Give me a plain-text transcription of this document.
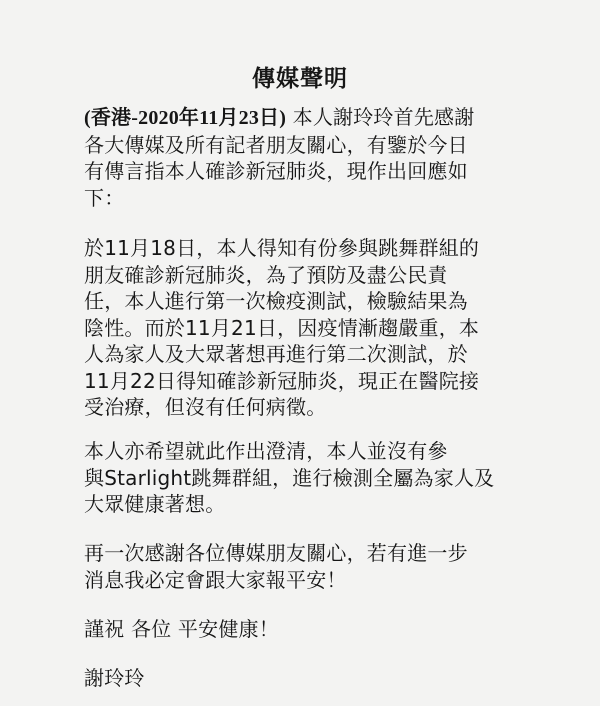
傳媒聲明
(香港-2020年11月23日) 本人謝玲玲首先感謝
各大傳媒及所有記者朋友關心，有鑒於今日
有傳言指本人確診新冠肺炎，現作出回應如
下：
於11月18日，本人得知有份參與跳舞群組的
朋友確診新冠肺炎，為了預防及盡公民責
任，本人進行第一次檢疫測試，檢驗結果為
陰性。而於11月21日，因疫情漸趨嚴重，本
人為家人及大眾著想再進行第二次測試，於
11月22日得知確診新冠肺炎，現正在醫院接
受治療，但沒有任何病徵。
本人亦希望就此作出澄清，本人並沒有參
與Starlight跳舞群組，進行檢測全屬為家人及
大眾健康著想。
再一次感謝各位傳媒朋友關心，若有進一步
消息我必定會跟大家報平安！
謹祝 各位 平安健康！
謝玲玲
